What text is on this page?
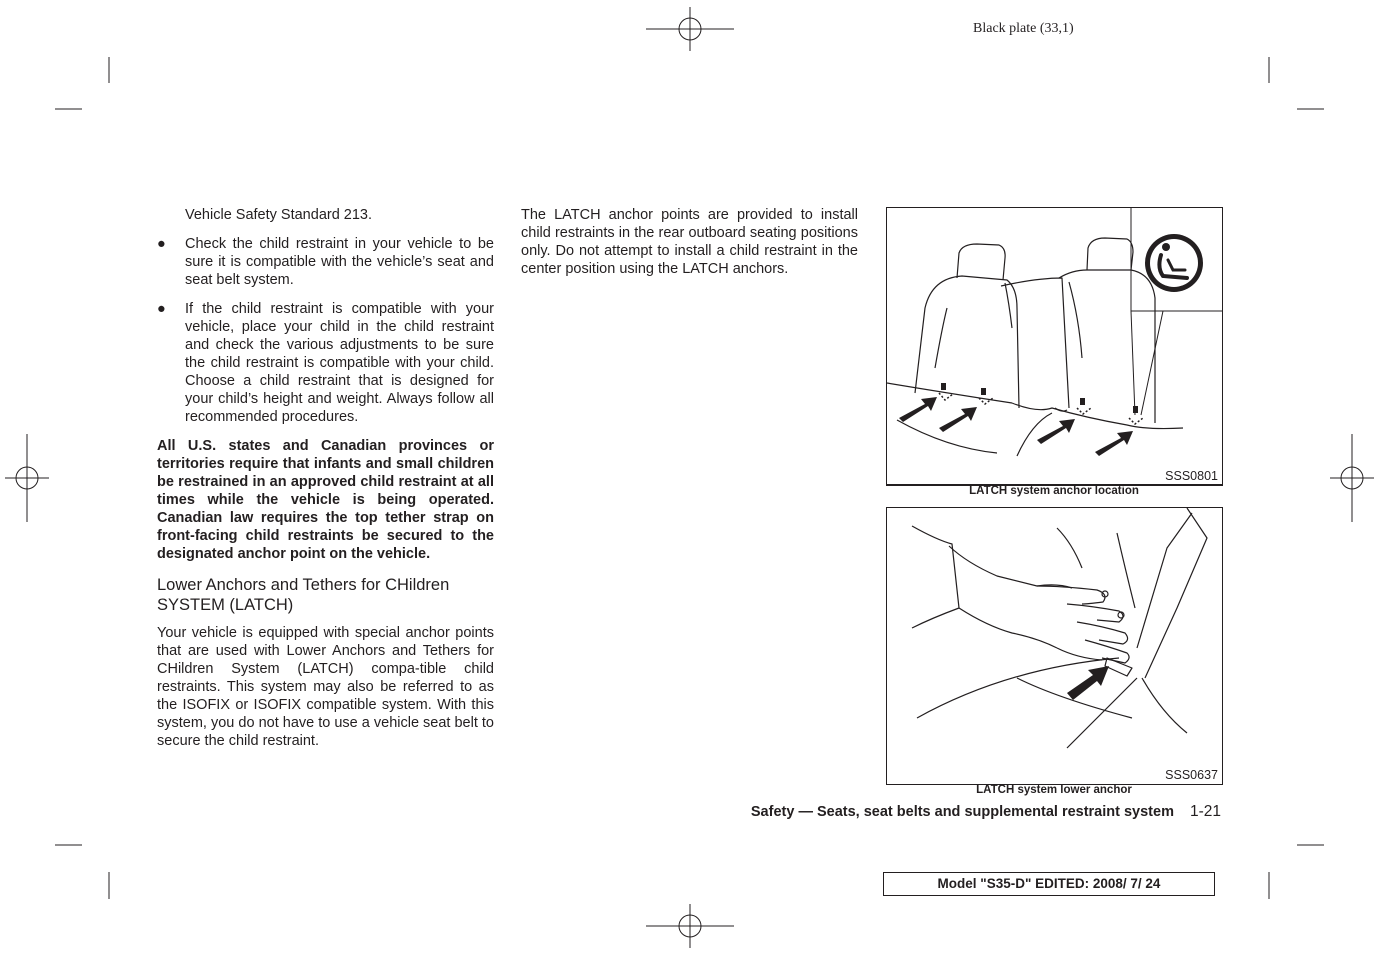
Black plate (33,1)

Vehicle Safety Standard 213.

● Check the child restraint in your vehicle to be sure it is compatible with the vehicle’s seat and seat belt system.

● If the child restraint is compatible with your vehicle, place your child in the child restraint and check the various adjustments to be sure the child restraint is compatible with your child. Choose a child restraint that is designed for your child’s height and weight. Always follow all recommended procedures.

All U.S. states and Canadian provinces or territories require that infants and small children be restrained in an approved child restraint at all times while the vehicle is being operated. Canadian law requires the top tether strap on front-facing child restraints be secured to the designated anchor point on the vehicle.

Lower Anchors and Tethers for CHildren SYSTEM (LATCH)

Your vehicle is equipped with special anchor points that are used with Lower Anchors and Tethers for CHildren System (LATCH) compa-tible child restraints. This system may also be referred to as the ISOFIX or ISOFIX compatible system. With this system, you do not have to use a vehicle seat belt to secure the child restraint.

The LATCH anchor points are provided to install child restraints in the rear outboard seating positions only. Do not attempt to install a child restraint in the center position using the LATCH anchors.

SSS0801
LATCH system anchor location
SSS0637
LATCH system lower anchor
Safety — Seats, seat belts and supplemental restraint system 1-21
Model "S35-D" EDITED: 2008/ 7/ 24
